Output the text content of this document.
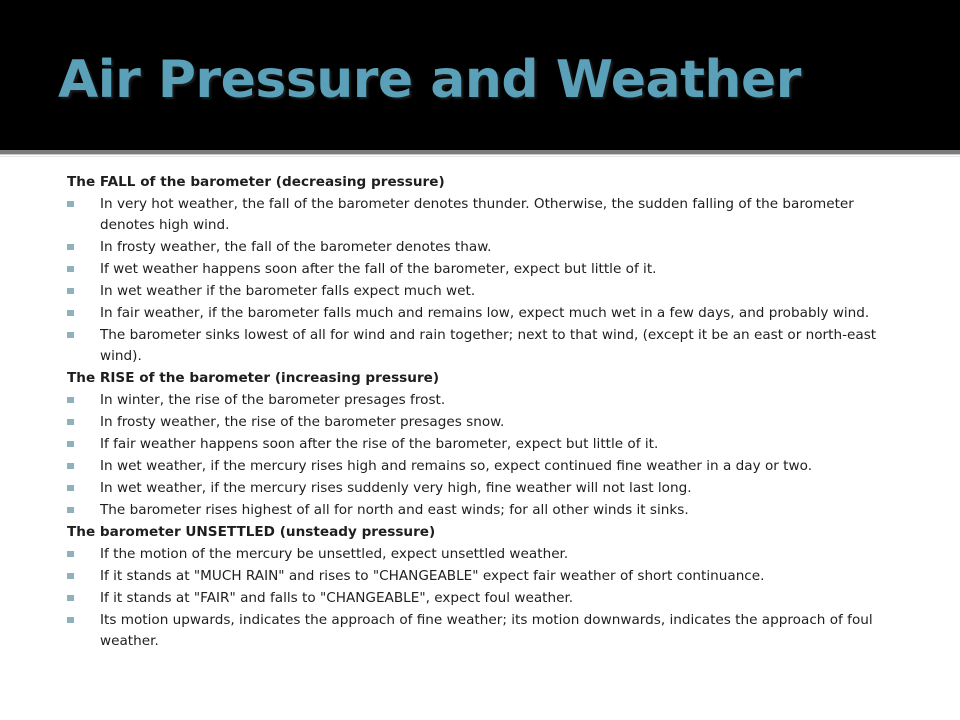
Air Pressure and Weather
The FALL of the barometer (decreasing pressure)
In very hot weather, the fall of the barometer denotes thunder. Otherwise, the sudden falling of the barometer denotes high wind.
In frosty weather, the fall of the barometer denotes thaw.
If wet weather happens soon after the fall of the barometer, expect but little of it.
In wet weather if the barometer falls expect much wet.
In fair weather, if the barometer falls much and remains low, expect much wet in a few days, and probably wind.
The barometer sinks lowest of all for wind and rain together; next to that wind, (except it be an east or north-east wind).
The RISE of the barometer (increasing pressure)
In winter, the rise of the barometer presages frost.
In frosty weather, the rise of the barometer presages snow.
If fair weather happens soon after the rise of the barometer, expect but little of it.
In wet weather, if the mercury rises high and remains so, expect continued fine weather in a day or two.
In wet weather, if the mercury rises suddenly very high, fine weather will not last long.
The barometer rises highest of all for north and east winds; for all other winds it sinks.
The barometer UNSETTLED (unsteady pressure)
If the motion of the mercury be unsettled, expect unsettled weather.
If it stands at "MUCH RAIN" and rises to "CHANGEABLE" expect fair weather of short continuance.
If it stands at "FAIR" and falls to "CHANGEABLE", expect foul weather.
Its motion upwards, indicates the approach of fine weather; its motion downwards, indicates the approach of foul weather.
